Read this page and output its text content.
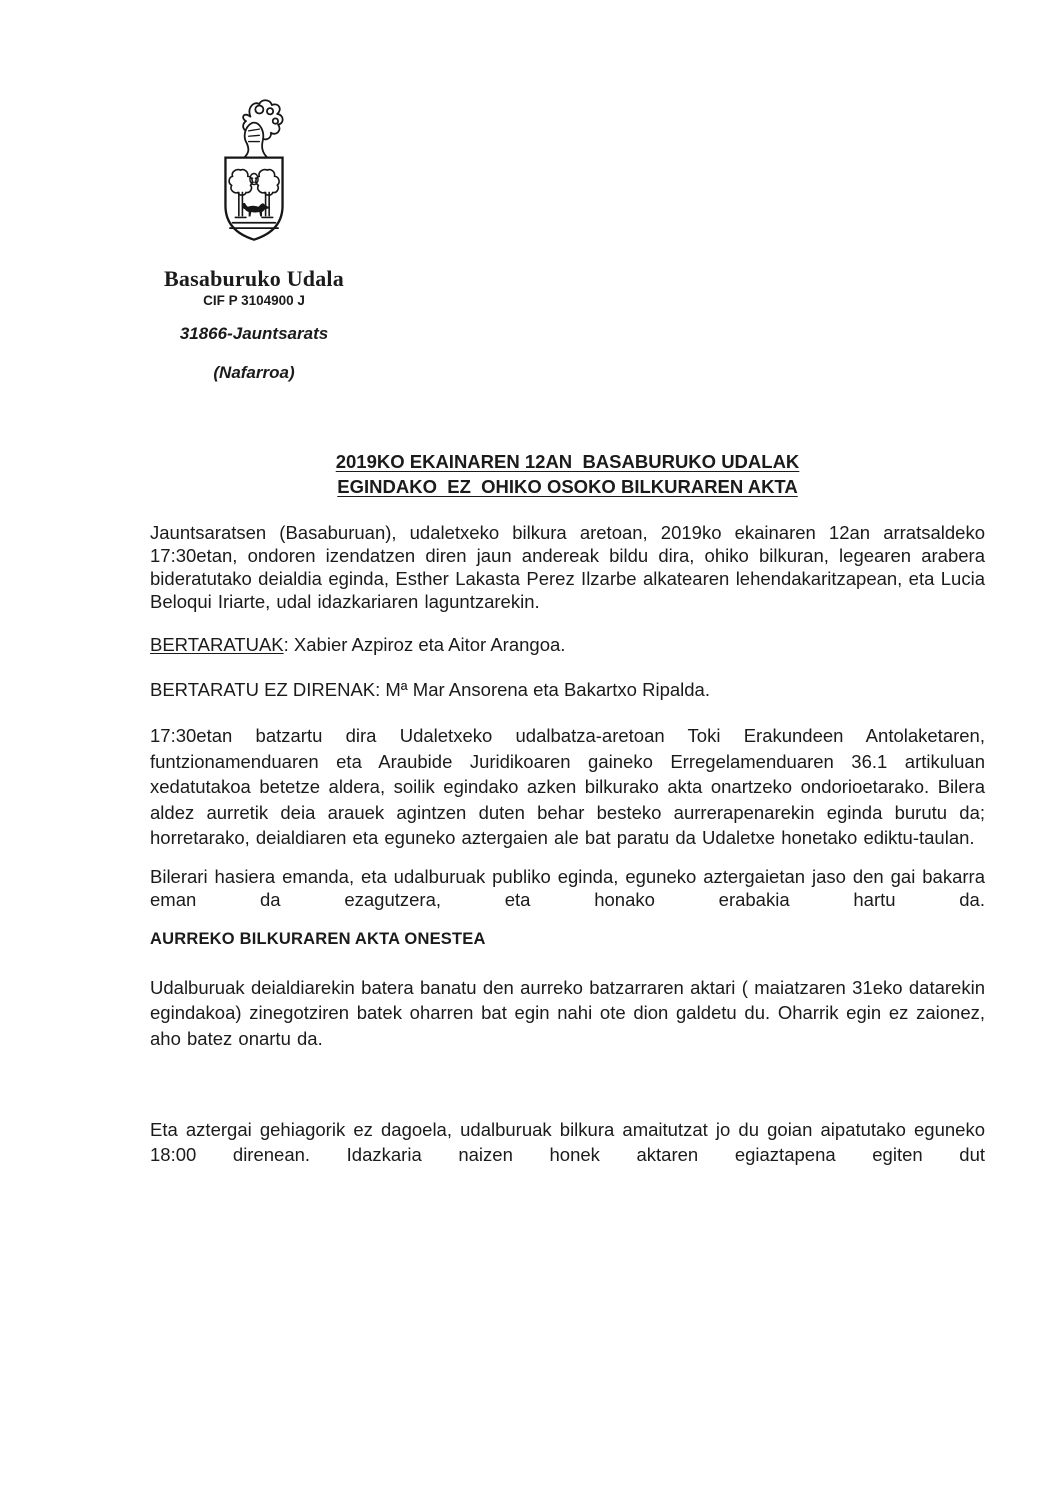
Basaburuko Udala
CIF P 3104900 J
31866-Jauntsarats
(Nafarroa)
2019KO EKAINAREN 12AN  BASABURUKO UDALAK
EGINDAKO  EZ  OHIKO OSOKO BILKURAREN AKTA

Jauntsaratsen (Basaburuan), udaletxeko bilkura aretoan, 2019ko ekainaren 12an arratsaldeko 17:30etan, ondoren izendatzen diren jaun andereak bildu dira, ohiko bilkuran, legearen arabera bideratutako deialdia eginda, Esther Lakasta Perez Ilzarbe alkatearen lehendakaritzapean, eta Lucia Beloqui Iriarte, udal idazkariaren laguntzarekin.

BERTARATUAK: Xabier Azpiroz eta Aitor Arangoa.

BERTARATU EZ DIRENAK: Mª Mar Ansorena eta Bakartxo Ripalda.

17:30etan batzartu dira Udaletxeko udalbatza-aretoan Toki Erakundeen Antolaketaren, funtzionamenduaren eta Araubide Juridikoaren gaineko Erregelamenduaren 36.1 artikuluan xedatutakoa betetze aldera, soilik egindako azken bilkurako akta onartzeko ondorioetarako. Bilera aldez aurretik deia arauek agintzen duten behar besteko aurrerapenarekin eginda burutu da; horretarako, deialdiaren eta eguneko aztergaien ale bat paratu da Udaletxe honetako ediktu-taulan.

Bilerari hasiera emanda, eta udalburuak publiko eginda, eguneko aztergaietan jaso den gai bakarra eman da ezagutzera, eta honako erabakia hartu da.

AURREKO BILKURAREN AKTA ONESTEA

Udalburuak deialdiarekin batera banatu den aurreko batzarraren aktari ( maiatzaren 31eko datarekin egindakoa) zinegotziren batek oharren bat egin nahi ote dion galdetu du. Oharrik egin ez zaionez, aho batez onartu da.

Eta aztergai gehiagorik ez dagoela, udalburuak bilkura amaitutzat jo du goian aipatutako eguneko 18:00 direnean. Idazkaria naizen honek aktaren egiaztapena egiten dut
